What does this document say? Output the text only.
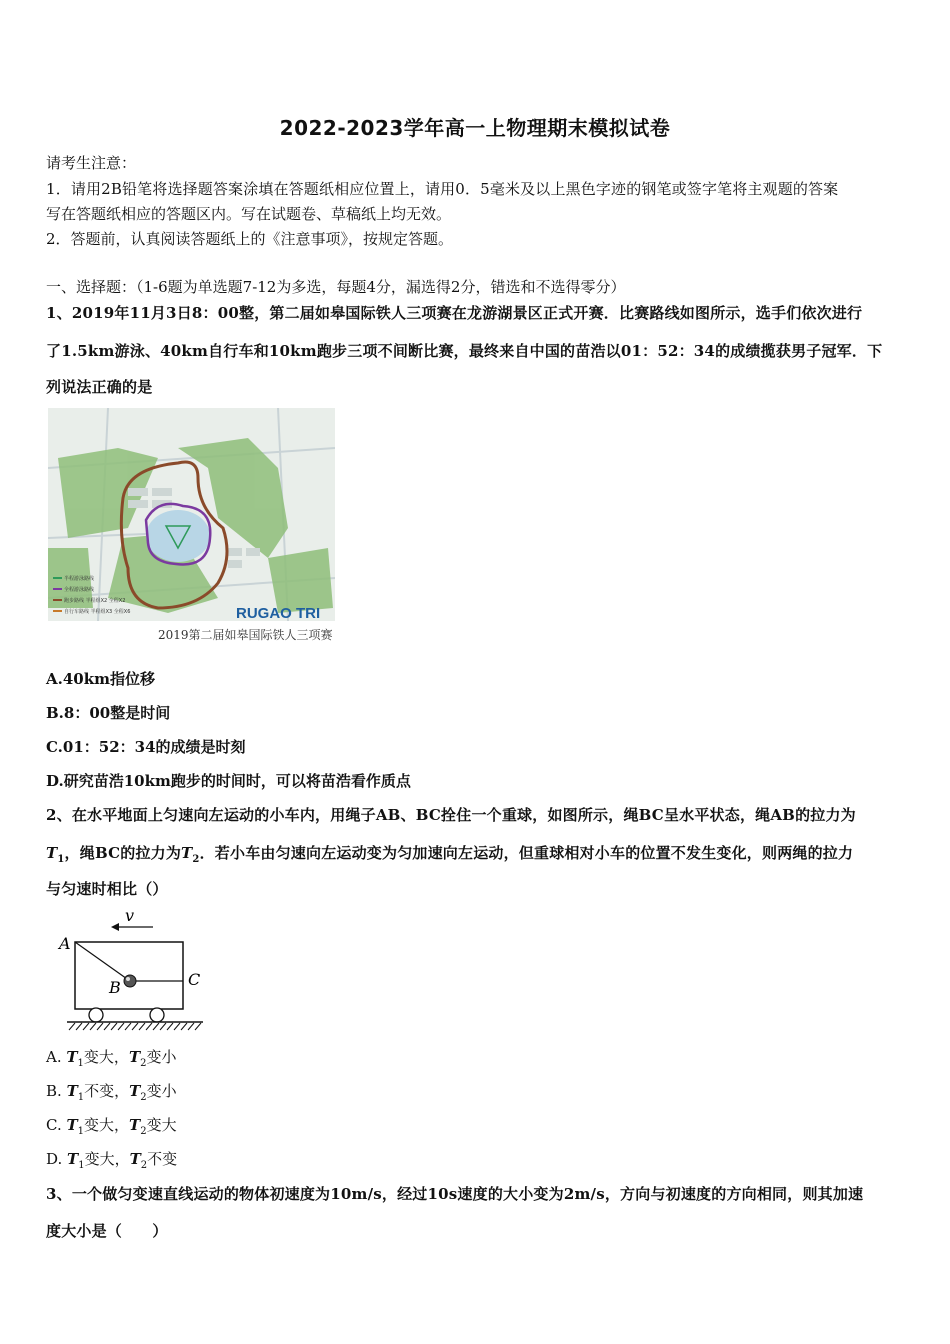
2022-2023学年高一上物理期末模拟试卷
请考生注意：
1．请用2B铅笔将选择题答案涂填在答题纸相应位置上，请用0．5毫米及以上黑色字迹的钢笔或签字笔将主观题的答案
写在答题纸相应的答题区内。写在试题卷、草稿纸上均无效。
2．答题前，认真阅读答题纸上的《注意事项》，按规定答题。
一、选择题：（1-6题为单选题7-12为多选，每题4分，漏选得2分，错选和不选得零分）
1、2019年11月3日8：00整，第二届如皋国际铁人三项赛在龙游湖景区正式开赛．比赛路线如图所示，选手们依次进行
了1.5km游泳、40km自行车和10km跑步三项不间断比赛，最终来自中国的苗浩以01：52：34的成绩揽获男子冠军．下
列说法正确的是
半程游泳路线
全程游泳路线
跑步路线 半程组X2 全程X2
自行车路线 半程组X3 全程X6	RUGAO TRI
2019第二届如皋国际铁人三项赛
A.40km指位移
B.8：00整是时间
C.01：52：34的成绩是时刻
D.研究苗浩10km跑步的时间时，可以将苗浩看作质点
2、在水平地面上匀速向左运动的小车内，用绳子AB、BC拴住一个重球，如图所示，绳BC呈水平状态，绳AB的拉力为
$T_1$，绳BC的拉力为$T_2$．若小车由匀速向左运动变为匀加速向左运动，但重球相对小车的位置不发生变化，则两绳的拉力
与匀速时相比（）
v
A
B	C
A. $T_1$变大，$T_2$变小
B. $T_1$不变，$T_2$变小
C. $T_1$变大，$T_2$变大
D. $T_1$变大，$T_2$不变
3、一个做匀变速直线运动的物体初速度为10m/s，经过10s速度的大小变为2m/s，方向与初速度的方向相同，则其加速
度大小是（　　）
